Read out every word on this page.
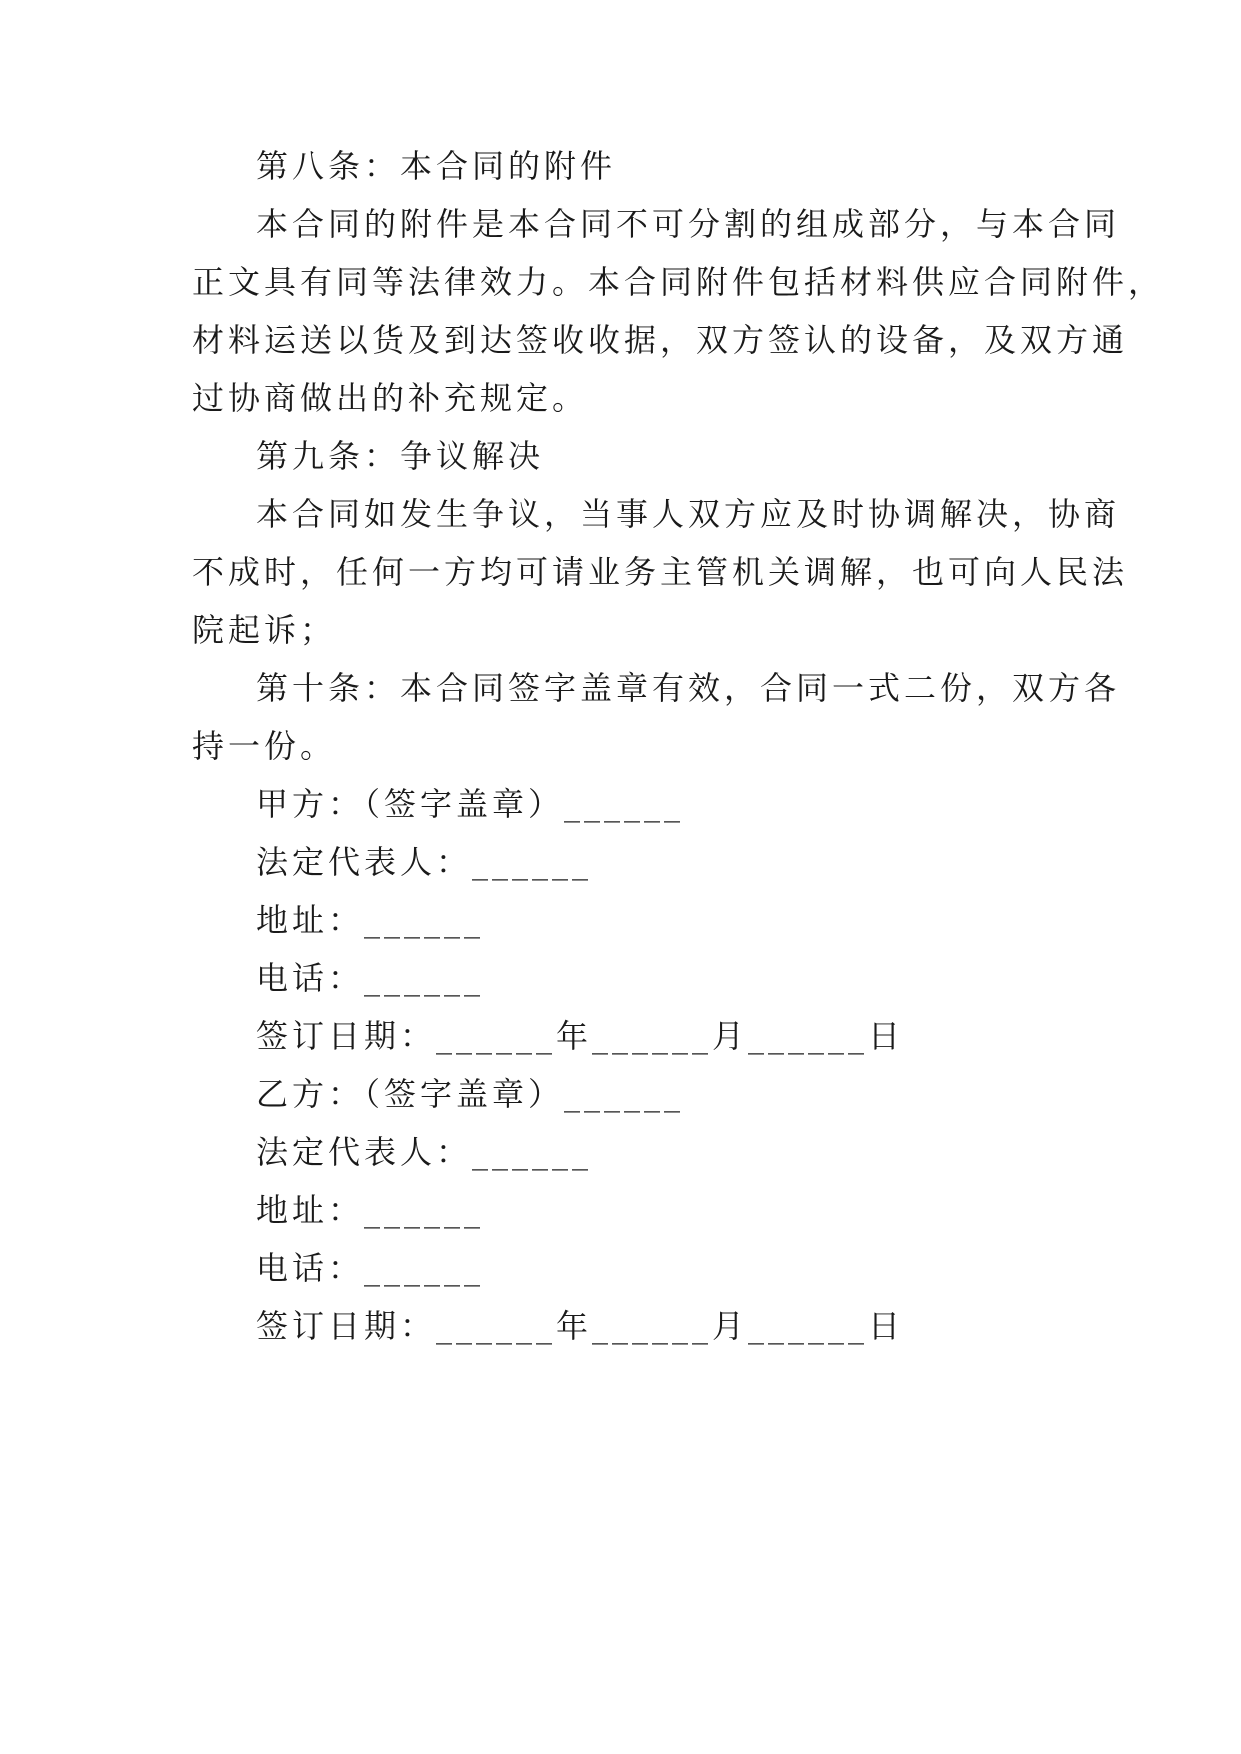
第八条：本合同的附件
本合同的附件是本合同不可分割的组成部分，与本合同
正文具有同等法律效力。本合同附件包括材料供应合同附件，
材料运送以货及到达签收收据，双方签认的设备，及双方通
过协商做出的补充规定。
第九条：争议解决
本合同如发生争议，当事人双方应及时协调解决，协商
不成时，任何一方均可请业务主管机关调解，也可向人民法
院起诉；
第十条：本合同签字盖章有效，合同一式二份，双方各
持一份。
甲方：（签字盖章）______
法定代表人：______
地址：______
电话：______
签订日期：______年______月______日
乙方：（签字盖章）______
法定代表人：______
地址：______
电话：______
签订日期：______年______月______日
